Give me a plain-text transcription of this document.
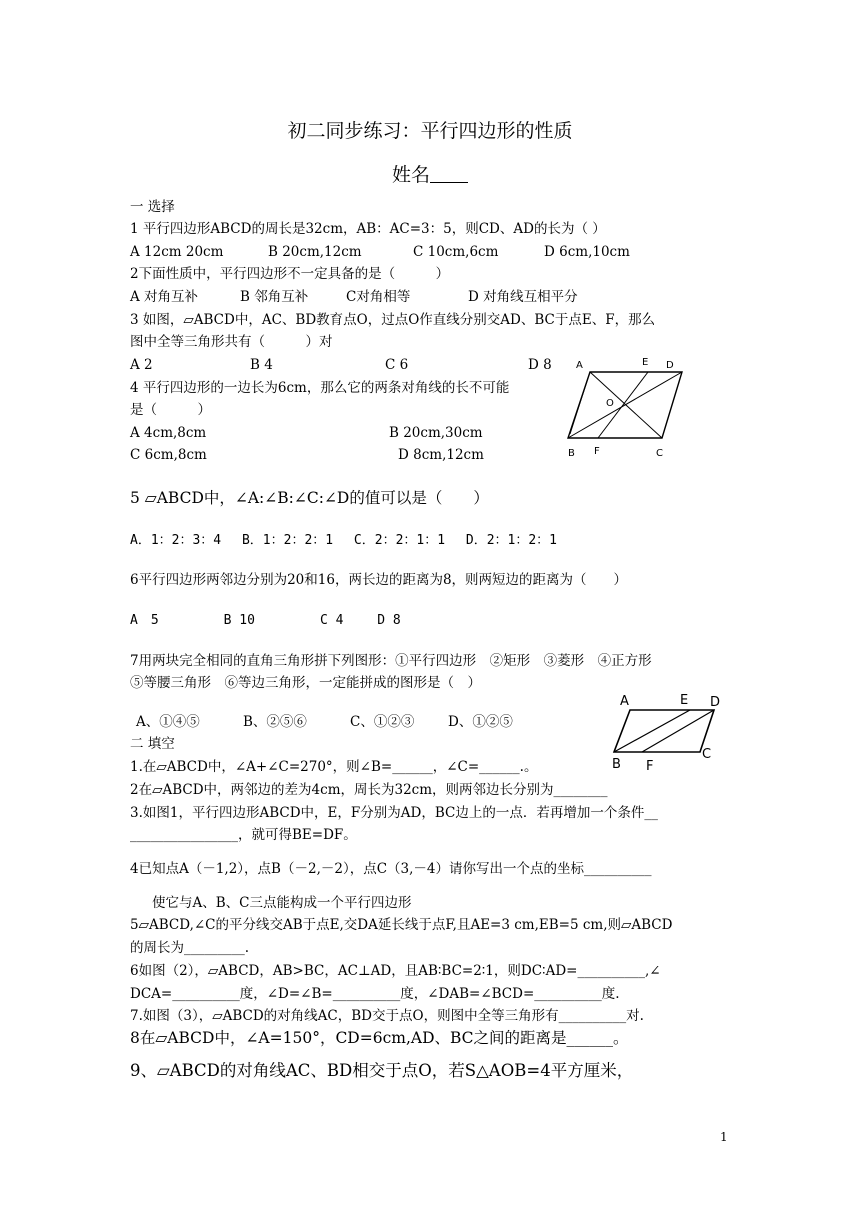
初二同步练习：平行四边形的性质
姓名
一 选择
1 平行四边形ABCD的周长是32cm，AB：AC=3：5，则CD、AD的长为（ ）
A 12cm 20cm	B 20cm,12cm	C 10cm,6cm	D 6cm,10cm
2下面性质中，平行四边形不一定具备的是（　　　）
A 对角互补	B 邻角互补	C对角相等	D 对角线互相平分
3 如图，▱ABCD中，AC、BD教育点O，过点O作直线分别交AD、BC于点E、F，那么
图中全等三角形共有（　　　）对
A 2	B 4	C 6	D 8
4 平行四边形的一边长为6cm，那么它的两条对角线的长不可能
是（　　　）
A 4cm,8cm	B 20cm,30cm
C 6cm,8cm	D 8cm,12cm
A	E D
O
B F	C
5 ▱ABCD中，∠A:∠B:∠C:∠D的值可以是（　　）
A．1：2：3：4　 B．1：2：2：1　 C．2：2：1：1　 D．2：1：2：1
6平行四边形两邻边分别为20和16，两长边的距离为8，则两短边的距离为（　　）
A　5　　　　　B 10　　　　　C 4　　 D 8
7用两块完全相同的直角三角形拼下列图形：①平行四边形　②矩形　③菱形　④正方形
⑤等腰三角形　⑥等边三角形，一定能拼成的图形是（　）
A、①④⑤	B、②⑤⑥	C、①②③ D、①②⑤
A	E D
B F
C
二 填空
1.在▱ABCD中，∠A+∠C=270°，则∠B=______，∠C=______.。
2在▱ABCD中，两邻边的差为4cm，周长为32cm，则两邻边长分别为________
3.如图1，平行四边形ABCD中，E，F分别为AD，BC边上的一点．若再增加一个条件__
________________，就可得BE=DF。
4已知点A（－1,2），点B（－2,－2），点C（3,－4）请你写出一个点的坐标__________
使它与A、B、C三点能构成一个平行四边形
5▱ABCD,∠C的平分线交AB于点E,交DA延长线于点F,且AE=3 cm,EB=5 cm,则▱ABCD
的周长为_________.
6如图（2），▱ABCD，AB>BC，AC⊥AD，且AB∶BC=2∶1，则DC∶AD=__________,∠
DCA=__________度，∠D=∠B=__________度，∠DAB=∠BCD=__________度.
7.如图（3），▱ABCD的对角线AC，BD交于点O，则图中全等三角形有__________对.
8在▱ABCD中，∠A=150°，CD=6cm,AD、BC之间的距离是______。
9、▱ABCD的对角线AC、BD相交于点O，若S△AOB=4平方厘米，
1
